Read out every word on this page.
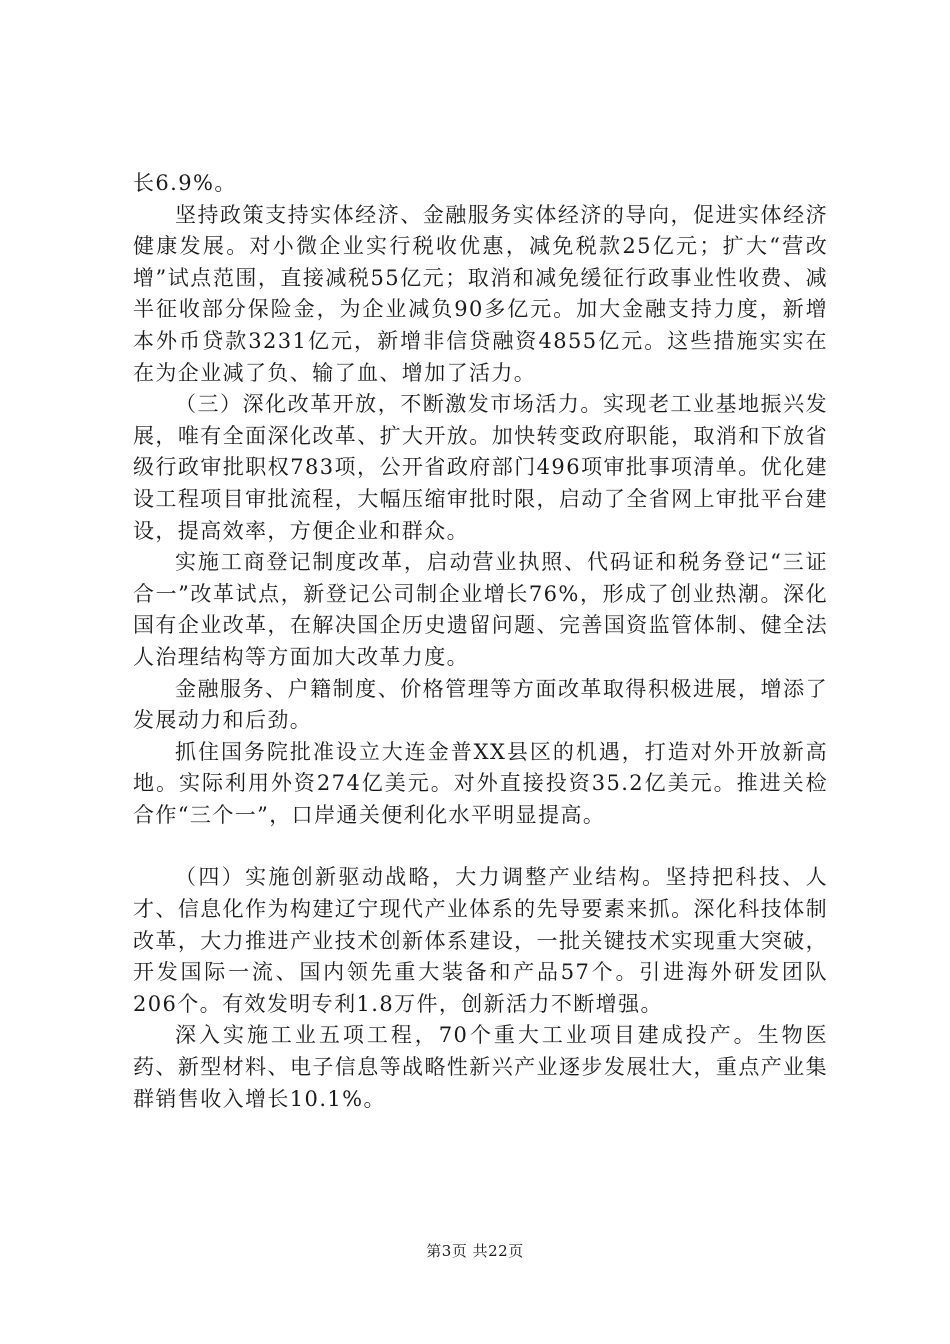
长6.9%。

坚持政策支持实体经济、金融服务实体经济的导向，促进实体经济健康发展。对小微企业实行税收优惠，减免税款25亿元；扩大“营改增”试点范围，直接减税55亿元；取消和减免缓征行政事业性收费、减半征收部分保险金，为企业减负90多亿元。加大金融支持力度，新增本外币贷款3231亿元，新增非信贷融资4855亿元。这些措施实实在在为企业减了负、输了血、增加了活力。

（三）深化改革开放，不断激发市场活力。实现老工业基地振兴发展，唯有全面深化改革、扩大开放。加快转变政府职能，取消和下放省级行政审批职权783项，公开省政府部门496项审批事项清单。优化建设工程项目审批流程，大幅压缩审批时限，启动了全省网上审批平台建设，提高效率，方便企业和群众。

实施工商登记制度改革，启动营业执照、代码证和税务登记“三证合一”改革试点，新登记公司制企业增长76%，形成了创业热潮。深化国有企业改革，在解决国企历史遗留问题、完善国资监管体制、健全法人治理结构等方面加大改革力度。

金融服务、户籍制度、价格管理等方面改革取得积极进展，增添了发展动力和后劲。

抓住国务院批准设立大连金普XX县区的机遇，打造对外开放新高地。实际利用外资274亿美元。对外直接投资35.2亿美元。推进关检合作“三个一”，口岸通关便利化水平明显提高。

（四）实施创新驱动战略，大力调整产业结构。坚持把科技、人才、信息化作为构建辽宁现代产业体系的先导要素来抓。深化科技体制改革，大力推进产业技术创新体系建设，一批关键技术实现重大突破，开发国际一流、国内领先重大装备和产品57个。引进海外研发团队206个。有效发明专利1.8万件，创新活力不断增强。

深入实施工业五项工程，70个重大工业项目建成投产。生物医药、新型材料、电子信息等战略性新兴产业逐步发展壮大，重点产业集群销售收入增长10.1%。

第3页 共22页
